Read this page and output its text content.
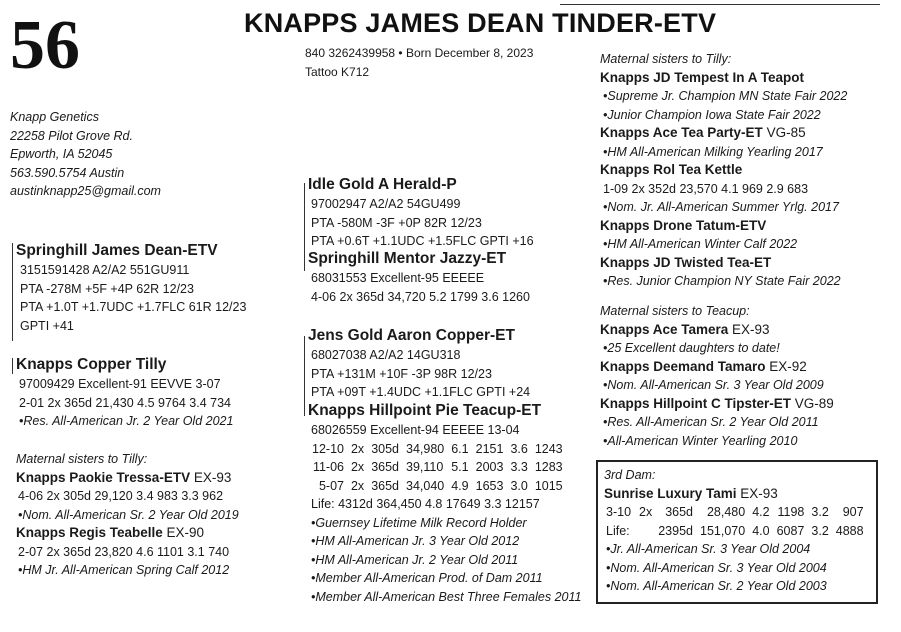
56	KNAPPS JAMES DEAN TINDER-ETV
840 3262439958 • Born December 8, 2023
Tattoo K712
Knapp Genetics
22258 Pilot Grove Rd.
Epworth, IA 52045
563.590.5754 Austin
austinknapp25@gmail.com
Springhill James Dean-ETV
3151591428 A2/A2 551GU911
PTA -278M +5F +4P 62R 12/23
PTA +1.0T +1.7UDC +1.7FLC 61R 12/23
GPTI +41
Knapps Copper Tilly
97009429 Excellent-91 EEVVE 3-07
2-01 2x 365d 21,430 4.5 9764 3.4 734
•Res. All-American Jr. 2 Year Old 2021
Maternal sisters to Tilly:
Knapps Paokie Tressa-ETV EX-93
4-06 2x 305d 29,120 3.4 983 3.3 962
•Nom. All-American Sr. 2 Year Old 2019
Knapps Regis Teabelle EX-90
2-07 2x 365d 23,820 4.6 1101 3.1 740
•HM Jr. All-American Spring Calf 2012
Idle Gold A Herald-P
97002947 A2/A2 54GU499
PTA -580M -3F +0P 82R 12/23
PTA +0.6T +1.1UDC +1.5FLC GPTI +16
Springhill Mentor Jazzy-ET
68031553 Excellent-95 EEEEE
4-06 2x 365d 34,720 5.2 1799 3.6 1260
Jens Gold Aaron Copper-ET
68027038 A2/A2 14GU318
PTA +131M +10F -3P 98R 12/23
PTA +09T +1.4UDC +1.1FLC GPTI +24
Knapps Hillpoint Pie Teacup-ET
68026559 Excellent-94 EEEEE 13-04
12-10	2x	305d	34,980	6.1	2151	3.6	1243
11-06	2x	365d	39,110	5.1	2003	3.3	1283
5-07	2x	365d	34,040	4.9	1653	3.0	1015
Life: 4312d 364,450 4.8 17649 3.3 12157
•Guernsey Lifetime Milk Record Holder
•HM All-American Jr. 3 Year Old 2012
•HM All-American Jr. 2 Year Old 2011
•Member All-American Prod. of Dam 2011
•Member All-American Best Three Females 2011
Maternal sisters to Tilly:
Knapps JD Tempest In A Teapot
•Supreme Jr. Champion MN State Fair 2022
•Junior Champion Iowa State Fair 2022
Knapps Ace Tea Party-ET VG-85
•HM All-American Milking Yearling 2017
Knapps Rol Tea Kettle
1-09 2x 352d 23,570 4.1 969 2.9 683
•Nom. Jr. All-American Summer Yrlg. 2017
Knapps Drone Tatum-ETV
•HM All-American Winter Calf 2022
Knapps JD Twisted Tea-ET
•Res. Junior Champion NY State Fair 2022
Maternal sisters to Teacup:
Knapps Ace Tamera EX-93
•25 Excellent daughters to date!
Knapps Deemand Tamaro EX-92
•Nom. All-American Sr. 3 Year Old 2009
Knapps Hillpoint C Tipster-ET VG-89
•Res. All-American Sr. 2 Year Old 2011
•All-American Winter Yearling 2010
3rd Dam:
Sunrise Luxury Tami EX-93
3-10	2x	365d	28,480	4.2	1198	3.2	907
Life:		2395d	151,070	4.0	6087	3.2	4888
•Jr. All-American Sr. 3 Year Old 2004
•Nom. All-American Sr. 3 Year Old 2004
•Nom. All-American Sr. 2 Year Old 2003
